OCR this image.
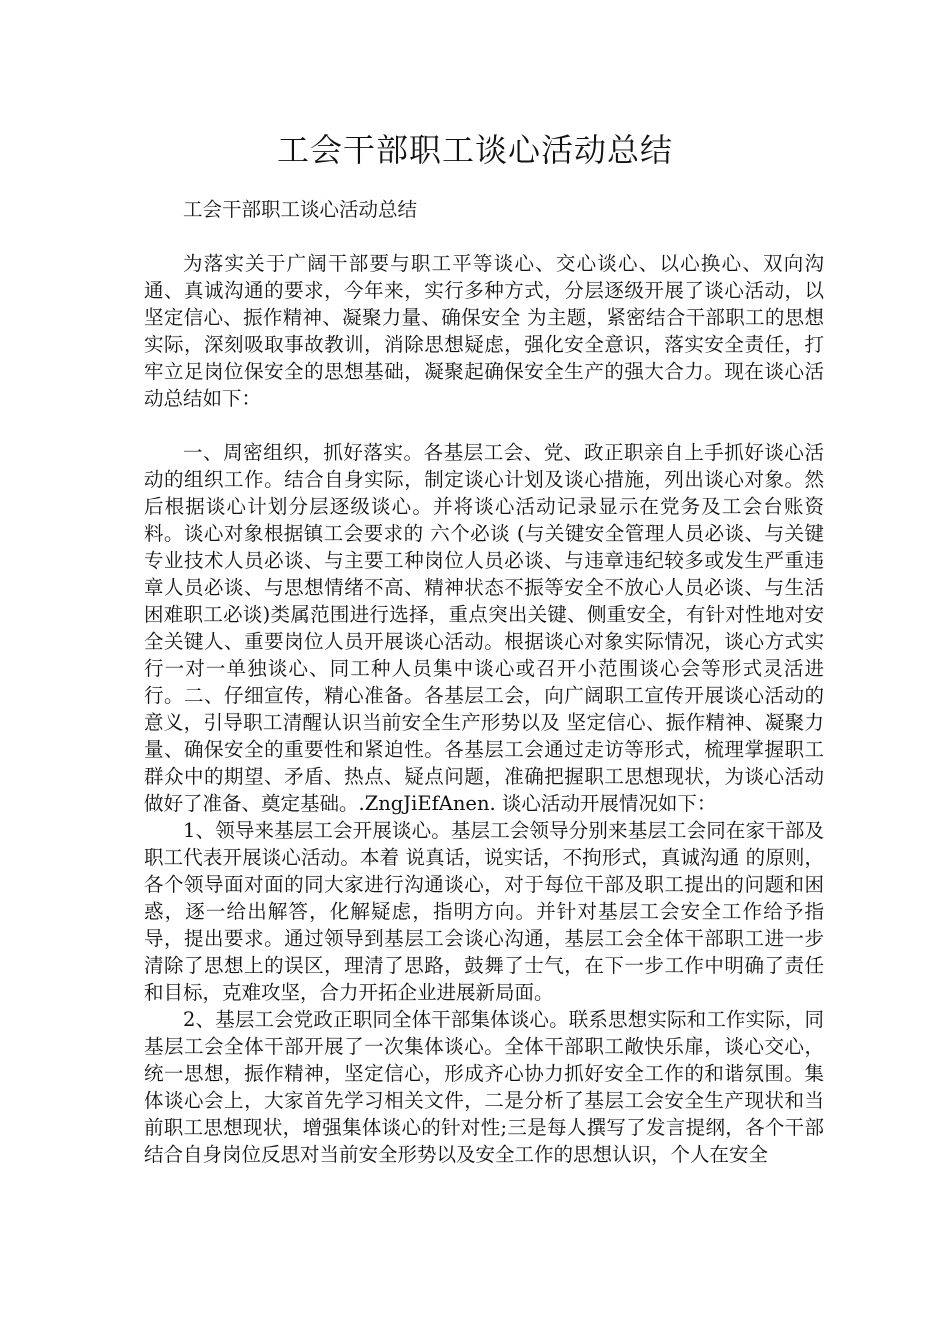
工会干部职工谈心活动总结

工会干部职工谈心活动总结

为落实关于广阔干部要与职工平等谈心、交心谈心、以心换心、双向沟通、真诚沟通的要求，今年来，实行多种方式，分层逐级开展了谈心活动，以 坚定信心、振作精神、凝聚力量、确保安全 为主题，紧密结合干部职工的思想实际，深刻吸取事故教训，消除思想疑虑，强化安全意识，落实安全责任，打牢立足岗位保安全的思想基础，凝聚起确保安全生产的强大合力。现在谈心活动总结如下：

一、周密组织，抓好落实。各基层工会、党、政正职亲自上手抓好谈心活动的组织工作。结合自身实际，制定谈心计划及谈心措施，列出谈心对象。然后根据谈心计划分层逐级谈心。并将谈心活动记录显示在党务及工会台账资料。谈心对象根据镇工会要求的 六个必谈 (与关键安全管理人员必谈、与关键专业技术人员必谈、与主要工种岗位人员必谈、与违章违纪较多或发生严重违章人员必谈、与思想情绪不高、精神状态不振等安全不放心人员必谈、与生活困难职工必谈)类属范围进行选择，重点突出关键、侧重安全，有针对性地对安全关键人、重要岗位人员开展谈心活动。根据谈心对象实际情况，谈心方式实行一对一单独谈心、同工种人员集中谈心或召开小范围谈心会等形式灵活进行。二、仔细宣传，精心准备。各基层工会，向广阔职工宣传开展谈心活动的意义，引导职工清醒认识当前安全生产形势以及 坚定信心、振作精神、凝聚力量、确保安全的重要性和紧迫性。各基层工会通过走访等形式，梳理掌握职工群众中的期望、矛盾、热点、疑点问题，准确把握职工思想现状，为谈心活动做好了准备、奠定基础。.ZngJiEfAnen. 谈心活动开展情况如下：

1、领导来基层工会开展谈心。基层工会领导分别来基层工会同在家干部及职工代表开展谈心活动。本着 说真话，说实话，不拘形式，真诚沟通 的原则，各个领导面对面的同大家进行沟通谈心，对于每位干部及职工提出的问题和困惑，逐一给出解答，化解疑虑，指明方向。并针对基层工会安全工作给予指导，提出要求。通过领导到基层工会谈心沟通，基层工会全体干部职工进一步清除了思想上的误区，理清了思路，鼓舞了士气，在下一步工作中明确了责任和目标，克难攻坚，合力开拓企业进展新局面。

2、基层工会党政正职同全体干部集体谈心。联系思想实际和工作实际，同基层工会全体干部开展了一次集体谈心。全体干部职工敞快乐扉，谈心交心，统一思想，振作精神，坚定信心，形成齐心协力抓好安全工作的和谐氛围。集体谈心会上，大家首先学习相关文件，二是分析了基层工会安全生产现状和当前职工思想现状，增强集体谈心的针对性;三是每人撰写了发言提纲，各个干部结合自身岗位反思对当前安全形势以及安全工作的思想认识，个人在安全
